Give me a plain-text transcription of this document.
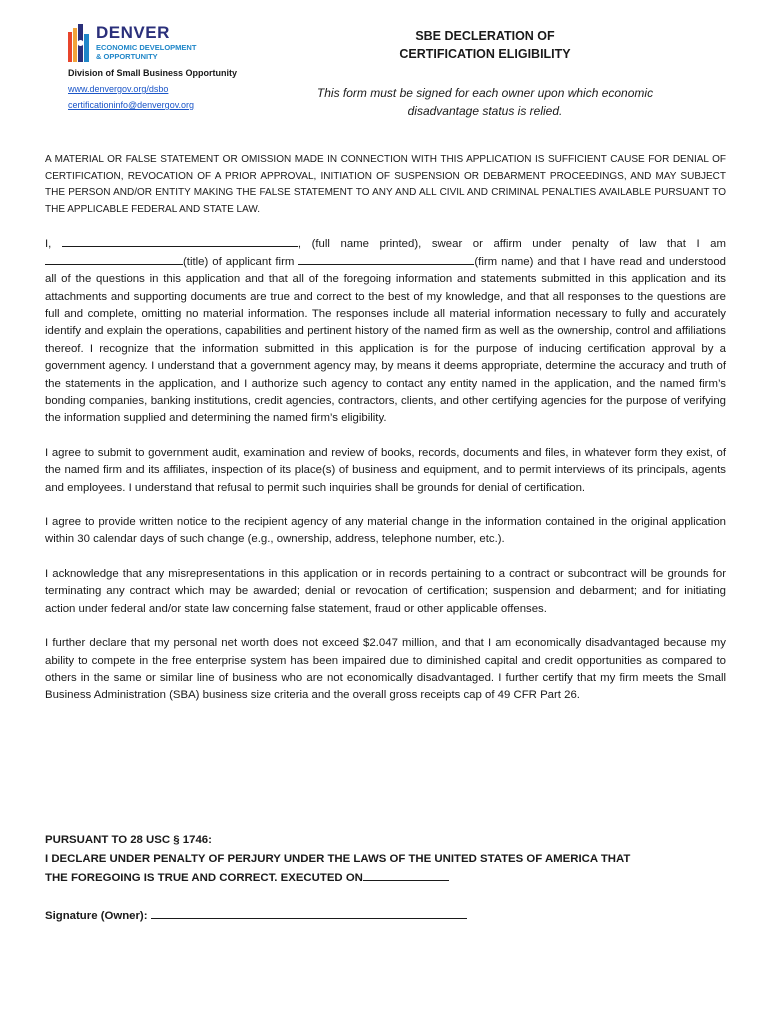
DENVER
ECONOMIC DEVELOPMENT
& OPPORTUNITY
Division of Small Business Opportunity
www.denvergov.org/dsbo
certificationinfo@denvergov.org
SBE DECLERATION OF
CERTIFICATION ELIGIBILITY
This form must be signed for each owner upon which economic disadvantage status is relied.

A MATERIAL OR FALSE STATEMENT OR OMISSION MADE IN CONNECTION WITH THIS APPLICATION IS SUFFICIENT CAUSE FOR DENIAL OF CERTIFICATION, REVOCATION OF A PRIOR APPROVAL, INITIATION OF SUSPENSION OR DEBARMENT PROCEEDINGS, AND MAY SUBJECT THE PERSON AND/OR ENTITY MAKING THE FALSE STATEMENT TO ANY AND ALL CIVIL AND CRIMINAL PENALTIES AVAILABLE PURSUANT TO THE APPLICABLE FEDERAL AND STATE LAW.

I,	, (full name printed), swear or affirm under penalty of law that I am (title) of applicant firm	(firm name) and that I have read and understood all of the questions in this application and that all of the foregoing information and statements submitted in this application and its attachments and supporting documents are true and correct to the best of my knowledge, and that all responses to the questions are full and complete, omitting no material information. The responses include all material information necessary to fully and accurately identify and explain the operations, capabilities and pertinent history of the named firm as well as the ownership, control and affiliations thereof. I recognize that the information submitted in this application is for the purpose of inducing certification approval by a government agency. I understand that a government agency may, by means it deems appropriate, determine the accuracy and truth of the statements in the application, and I authorize such agency to contact any entity named in the application, and the named firm’s bonding companies, banking institutions, credit agencies, contractors, clients, and other certifying agencies for the purpose of verifying the information supplied and determining the named firm’s eligibility.

I agree to submit to government audit, examination and review of books, records, documents and files, in whatever form they exist, of the named firm and its affiliates, inspection of its place(s) of business and equipment, and to permit interviews of its principals, agents and employees. I understand that refusal to permit such inquiries shall be grounds for denial of certification.

I agree to provide written notice to the recipient agency of any material change in the information contained in the original application within 30 calendar days of such change (e.g., ownership, address, telephone number, etc.).

I acknowledge that any misrepresentations in this application or in records pertaining to a contract or subcontract will be grounds for terminating any contract which may be awarded; denial or revocation of certification; suspension and debarment; and for initiating action under federal and/or state law concerning false statement, fraud or other applicable offenses.

I further declare that my personal net worth does not exceed $2.047 million, and that I am economically disadvantaged because my ability to compete in the free enterprise system has been impaired due to diminished capital and credit opportunities as compared to others in the same or similar line of business who are not economically disadvantaged. I further certify that my firm meets the Small Business Administration (SBA) business size criteria and the overall gross receipts cap of 49 CFR Part 26.

PURSUANT TO 28 USC § 1746:
I DECLARE UNDER PENALTY OF PERJURY UNDER THE LAWS OF THE UNITED STATES OF AMERICA THAT
THE FOREGOING IS TRUE AND CORRECT. EXECUTED ON
Signature (Owner):
